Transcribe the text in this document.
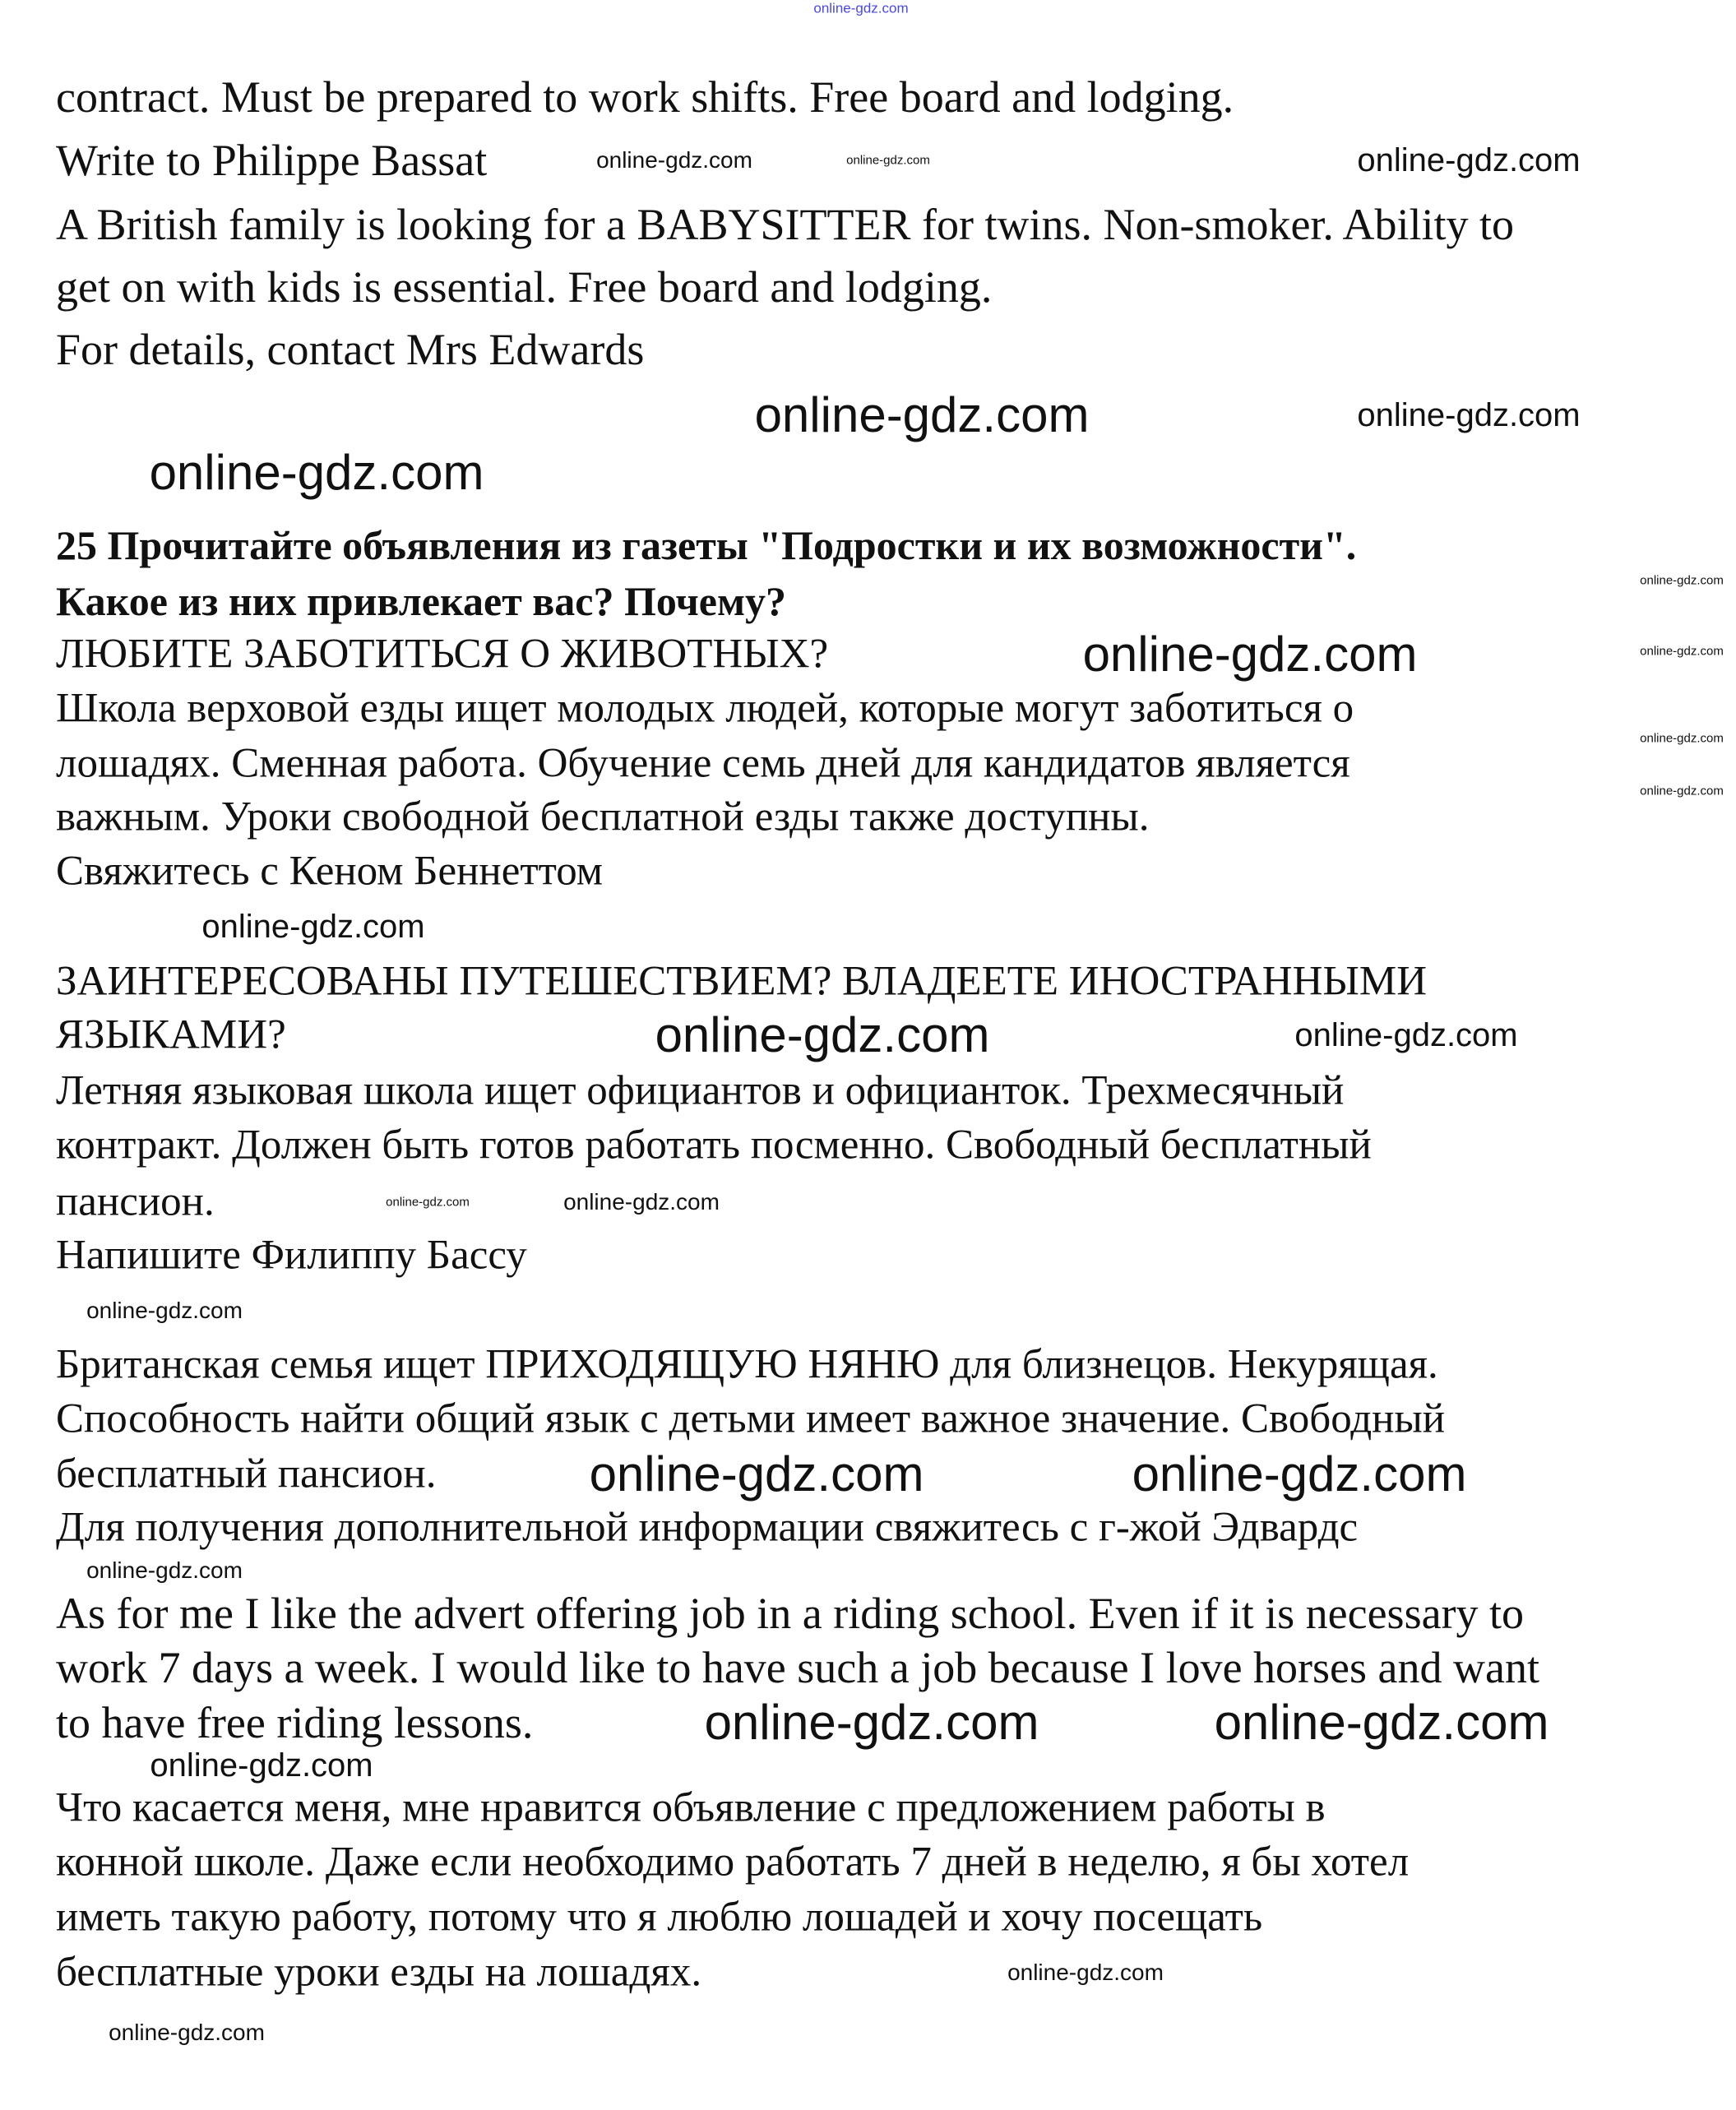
online-gdz.com
contract. Must be prepared to work shifts. Free board and lodging.
Write to Philippe Bassat
A British family is looking for a BABYSITTER for twins. Non-smoker. Ability to
get on with kids is essential. Free board and lodging.
For details, contact Mrs Edwards
25 Прочитайте объявления из газеты "Подростки и их возможности".
Какое из них привлекает вас? Почему?
ЛЮБИТЕ ЗАБОТИТЬСЯ О ЖИВОТНЫХ?
Школа верховой езды ищет молодых людей, которые могут заботиться о
лошадях. Сменная работа. Обучение семь дней для кандидатов является
важным. Уроки свободной бесплатной езды также доступны.
Свяжитесь с Кеном Беннеттом
ЗАИНТЕРЕСОВАНЫ ПУТЕШЕСТВИЕМ? ВЛАДЕЕТЕ ИНОСТРАННЫМИ
ЯЗЫКАМИ?
Летняя языковая школа ищет официантов и официанток. Трехмесячный
контракт. Должен быть готов работать посменно. Свободный бесплатный
пансион.
Напишите Филиппу Бассу
Британская семья ищет ПРИХОДЯЩУЮ НЯНЮ для близнецов. Некурящая.
Способность найти общий язык с детьми имеет важное значение. Свободный
бесплатный пансион.
Для получения дополнительной информации свяжитесь с г-жой Эдвардс
As for me I like the advert offering job in a riding school. Even if it is necessary to
work 7 days a week. I would like to have such a job because I love horses and want
to have free riding lessons.
Что касается меня, мне нравится объявление с предложением работы в
конной школе. Даже если необходимо работать 7 дней в неделю, я бы хотел
иметь такую работу, потому что я люблю лошадей и хочу посещать
бесплатные уроки езды на лошадях.
online-gdz.com	online-gdz.com	online-gdz.com
online-gdz.com	online-gdz.com
online-gdz.com
online-gdz.com
online-gdz.com
online-gdz.com
online-gdz.com
online-gdz.com
online-gdz.com
online-gdz.com	online-gdz.com
online-gdz.com	online-gdz.com
online-gdz.com
online-gdz.com	online-gdz.com
online-gdz.com
online-gdz.com
online-gdz.com	online-gdz.com
online-gdz.com
online-gdz.com
